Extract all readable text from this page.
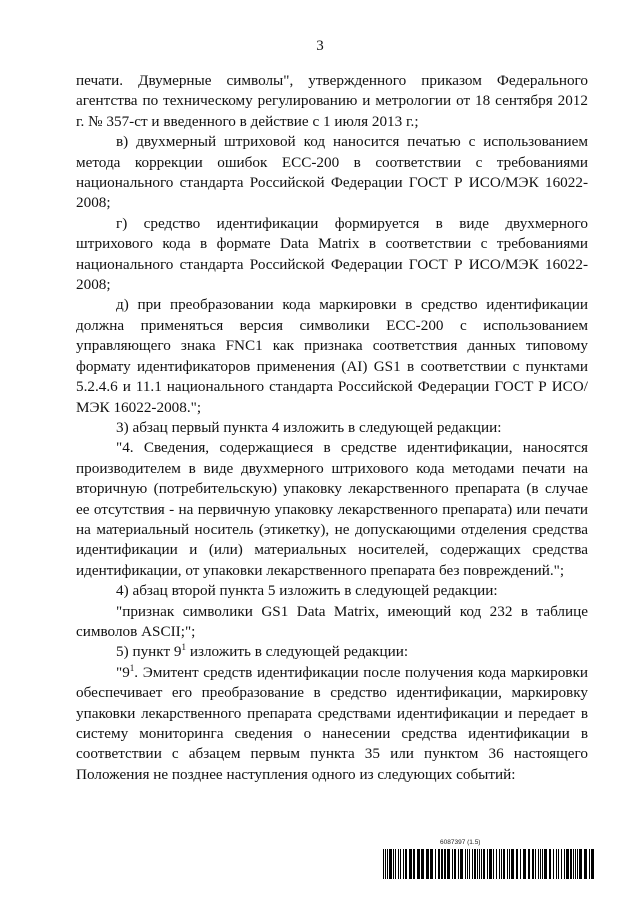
3

печати. Двумерные символы", утвержденного приказом Федерального агентства по техническому регулированию и метрологии от 18 сентября 2012 г. № 357-ст и введенного в действие с 1 июля 2013 г.;

в) двухмерный штриховой код наносится печатью с использованием метода коррекции ошибок ЕСС-200 в соответствии с требованиями национального стандарта Российской Федерации ГОСТ Р ИСО/МЭК 16022-2008;

г) средство идентификации формируется в виде двухмерного штрихового кода в формате Data Matrix в соответствии с требованиями национального стандарта Российской Федерации ГОСТ Р ИСО/МЭК 16022-2008;

д) при преобразовании кода маркировки в средство идентификации должна применяться версия символики ЕСС-200 с использованием управляющего знака FNC1 как признака соответствия данных типовому формату идентификаторов применения (AI) GS1 в соответствии с пунктами 5.2.4.6 и 11.1 национального стандарта Российской Федерации ГОСТ Р ИСО/МЭК 16022-2008.";

3) абзац первый пункта 4 изложить в следующей редакции:

"4. Сведения, содержащиеся в средстве идентификации, наносятся производителем в виде двухмерного штрихового кода методами печати на вторичную (потребительскую) упаковку лекарственного препарата (в случае ее отсутствия - на первичную упаковку лекарственного препарата) или печати на материальный носитель (этикетку), не допускающими отделения средства идентификации и (или) материальных носителей, содержащих средства идентификации, от упаковки лекарственного препарата без повреждений.";

4) абзац второй пункта 5 изложить в следующей редакции:

"признак символики GS1 Data Matrix, имеющий код 232 в таблице символов ASCII;";

5) пункт $9^1$ изложить в следующей редакции:

"$9^1$. Эмитент средств идентификации после получения кода маркировки обеспечивает его преобразование в средство идентификации, маркировку упаковки лекарственного препарата средствами идентификации и передает в систему мониторинга сведения о нанесении средства идентификации в соответствии с абзацем первым пункта 35 или пунктом 36 настоящего Положения не позднее наступления одного из следующих событий:

6087397 (1.5)
